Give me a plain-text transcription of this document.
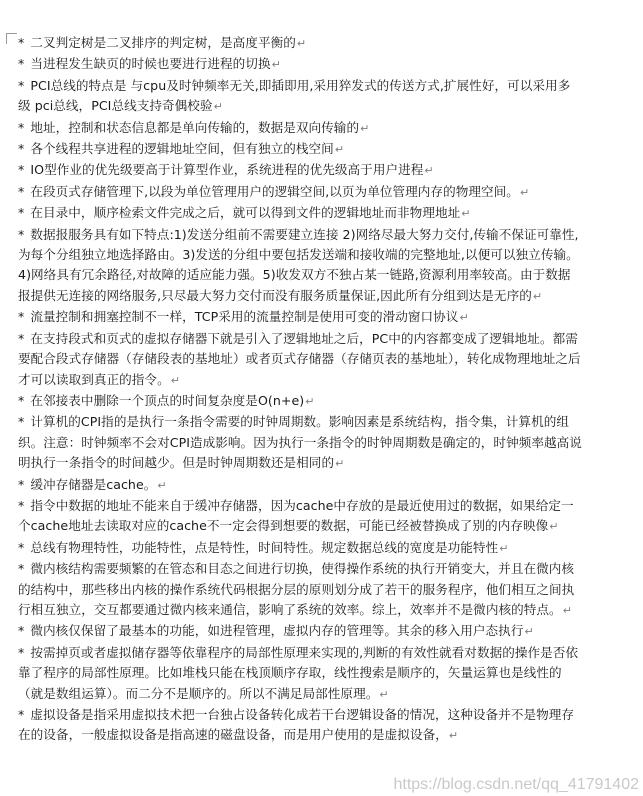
* 二叉判定树是二叉排序的判定树，是高度平衡的↵

* 当进程发生缺页的时候也要进行进程的切换↵

* PCI总线的特点是 与cpu及时钟频率无关,即插即用,采用猝发式的传送方式,扩展性好，可以采用多级 pci总线，PCI总线支持奇偶校验↵

* 地址，控制和状态信息都是单向传输的，数据是双向传输的↵

* 各个线程共享进程的逻辑地址空间，但有独立的栈空间↵

* IO型作业的优先级要高于计算型作业，系统进程的优先级高于用户进程↵

* 在段页式存储管理下,以段为单位管理用户的逻辑空间,以页为单位管理内存的物理空间。↵

* 在目录中，顺序检索文件完成之后，就可以得到文件的逻辑地址而非物理地址↵

* 数据报服务具有如下特点:1)发送分组前不需要建立连接 2)网络尽最大努力交付,传输不保证可靠性,为每个分组独立地选择路由。3)发送的分组中要包括发送端和接收端的完整地址,以便可以独立传输。4)网络具有冗余路径,对故障的适应能力强。5)收发双方不独占某一链路,资源利用率较高。由于数据报提供无连接的网络服务,只尽最大努力交付而没有服务质量保证,因此所有分组到达是无序的↵

* 流量控制和拥塞控制不一样，TCP采用的流量控制是使用可变的滑动窗口协议↵

* 在支持段式和页式的虚拟存储器下就是引入了逻辑地址之后，PC中的内容都变成了逻辑地址。都需要配合段式存储器（存储段表的基地址）或者页式存储器（存储页表的基地址），转化成物理地址之后才可以读取到真正的指令。↵

* 在邻接表中删除一个顶点的时间复杂度是O(n+e)↵

* 计算机的CPI指的是执行一条指令需要的时钟周期数。影响因素是系统结构，指令集，计算机的组织。注意：时钟频率不会对CPI造成影响。因为执行一条指令的时钟周期数是确定的，时钟频率越高说明执行一条指令的时间越少。但是时钟周期数还是相同的↵

* 缓冲存储器是cache。↵

* 指令中数据的地址不能来自于缓冲存储器，因为cache中存放的是最近使用过的数据，如果给定一个cache地址去读取对应的cache不一定会得到想要的数据，可能已经被替换成了别的内存映像↵

* 总线有物理特性，功能特性，点是特性，时间特性。规定数据总线的宽度是功能特性↵

* 微内核结构需要频繁的在管态和目态之间进行切换，使得操作系统的执行开销变大，并且在微内核的结构中，那些移出内核的操作系统代码根据分层的原则划分成了若干的服务程序，他们相互之间执行相互独立，交互都要通过微内核来通信，影响了系统的效率。综上，效率并不是微内核的特点。↵

* 微内核仅保留了最基本的功能，如进程管理，虚拟内存的管理等。其余的移入用户态执行↵

* 按需掉页或者虚拟储存器等依靠程序的局部性原理来实现的,判断的有效性就看对数据的操作是否依靠了程序的局部性原理。比如堆栈只能在栈顶顺序存取，线性搜索是顺序的，矢量运算也是线性的（就是数组运算）。而二分不是顺序的。所以不满足局部性原理。↵

* 虚拟设备是指采用虚拟技术把一台独占设备转化成若干台逻辑设备的情况，这种设备并不是物理存在的设备，一般虚拟设备是指高速的磁盘设备，而是用户使用的是虚拟设备，↵

https://blog.csdn.net/qq_41791402
